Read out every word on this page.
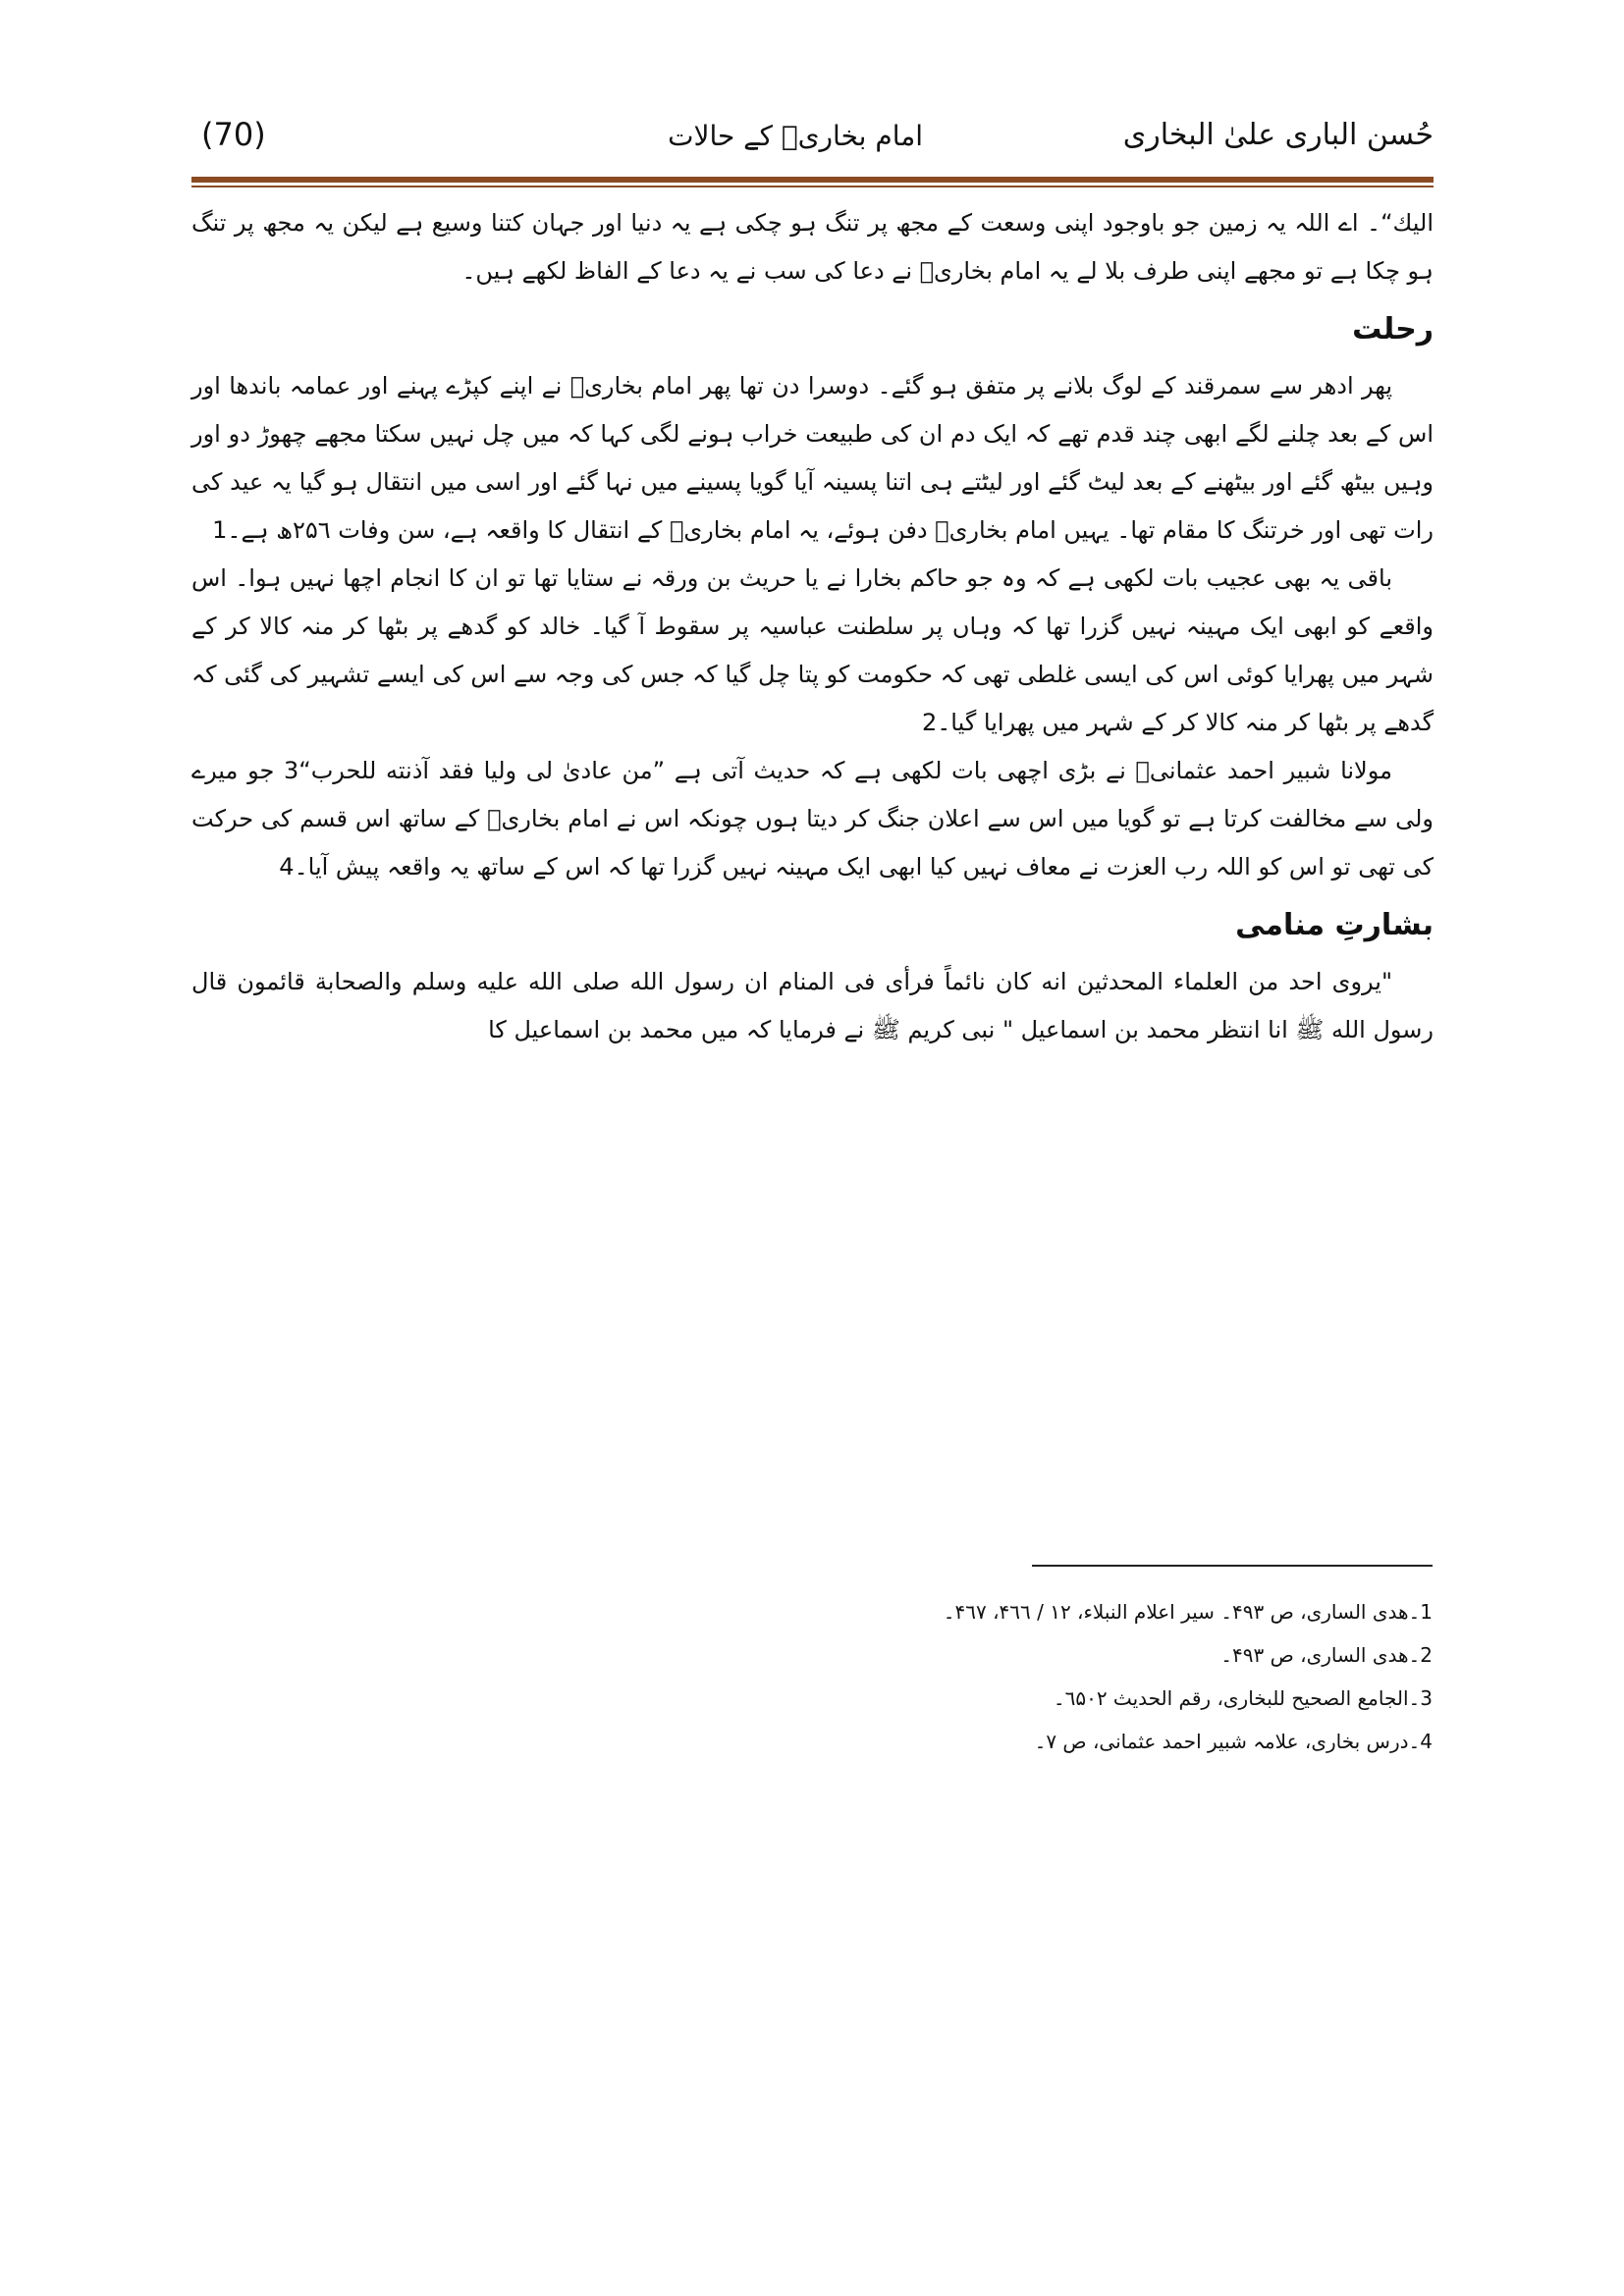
حُسن الباری علیٰ البخاری
امام بخاریؒ کے حالات
(70)

الیك“۔ اے اللہ یہ زمین جو باوجود اپنی وسعت کے مجھ پر تنگ ہو چکی ہے یہ دنیا اور جہان کتنا وسیع ہے لیکن یہ مجھ پر تنگ ہو چکا ہے تو مجھے اپنی طرف بلا لے یہ امام بخاریؒ نے دعا کی سب نے یہ دعا کے الفاظ لکھے ہیں۔

رحلت

پھر ادھر سے سمرقند کے لوگ بلانے پر متفق ہو گئے۔ دوسرا دن تھا پھر امام بخاریؒ نے اپنے کپڑے پہنے اور عمامہ باندھا اور اس کے بعد چلنے لگے ابھی چند قدم تھے کہ ایک دم ان کی طبیعت خراب ہونے لگی کہا کہ میں چل نہیں سکتا مجھے چھوڑ دو اور وہیں بیٹھ گئے اور بیٹھنے کے بعد لیٹ گئے اور لیٹتے ہی اتنا پسینہ آیا گویا پسینے میں نہا گئے اور اسی میں انتقال ہو گیا یہ عید کی رات تھی اور خرتنگ کا مقام تھا۔ یہیں امام بخاریؒ دفن ہوئے، یہ امام بخاریؒ کے انتقال کا واقعہ ہے، سن وفات ۲۵٦ھ ہے۔1

باقی یہ بھی عجیب بات لکھی ہے کہ وہ جو حاکم بخارا نے یا حریث بن ورقہ نے ستایا تھا تو ان کا انجام اچھا نہیں ہوا۔ اس واقعے کو ابھی ایک مہینہ نہیں گزرا تھا کہ وہاں پر سلطنت عباسیہ پر سقوط آ گیا۔ خالد کو گدھے پر بٹھا کر منہ کالا کر کے شہر میں پھرایا کوئی اس کی ایسی غلطی تھی کہ حکومت کو پتا چل گیا کہ جس کی وجہ سے اس کی ایسے تشہیر کی گئی کہ گدھے پر بٹھا کر منہ کالا کر کے شہر میں پھرایا گیا۔2

مولانا شبیر احمد عثمانیؒ نے بڑی اچھی بات لکھی ہے کہ حدیث آتی ہے ”من عادیٰ لی ولیا فقد آذنته للحرب“3 جو میرے ولی سے مخالفت کرتا ہے تو گویا میں اس سے اعلان جنگ کر دیتا ہوں چونکہ اس نے امام بخاریؒ کے ساتھ اس قسم کی حرکت کی تھی تو اس کو اللہ رب العزت نے معاف نہیں کیا ابھی ایک مہینہ نہیں گزرا تھا کہ اس کے ساتھ یہ واقعہ پیش آیا۔4

بشارتِ منامی

"یروی احد من العلماء المحدثین انه كان نائماً فرأى فی المنام ان رسول الله صلی الله علیه وسلم والصحابة قائمون قال رسول الله ﷺ انا انتظر محمد بن اسماعیل " نبی کریم ﷺ نے فرمایا کہ میں محمد بن اسماعیل کا

1۔ھدی الساری، ص ۴۹۳۔ سیر اعلام النبلاء، ۱۲ / ۴٦٦، ۴٦۷۔
2۔ھدی الساری، ص ۴۹۳۔
3۔الجامع الصحیح للبخاری، رقم الحدیث ٦۵۰۲۔
4۔درس بخاری، علامہ شبیر احمد عثمانی، ص ۷۔
